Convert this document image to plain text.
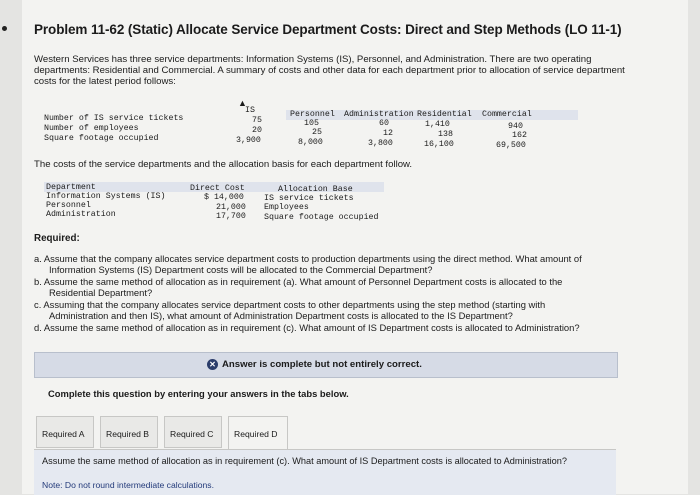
Problem 11-62 (Static) Allocate Service Department Costs: Direct and Step Methods (LO 11-1)
Western Services has three service departments: Information Systems (IS), Personnel, and Administration. There are two operating departments: Residential and Commercial. A summary of costs and other data for each department prior to allocation of service department costs for the latest period follows:
▲
IS	Personnel Administration Residential Commercial
Number of IS service tickets	75	105	60	1,410	940
Number of employees	20	25	12	138	162
Square footage occupied	3,900	8,000	3,800	16,100	69,500
The costs of the service departments and the allocation basis for each department follow.
Department	Direct Cost	Allocation Base
Information Systems (IS)	$ 14,000 IS service tickets
Personnel	21,000 Employees
Administration	17,700 Square footage occupied
Required:
a. Assume that the company allocates service department costs to production departments using the direct method. What amount of
Information Systems (IS) Department costs will be allocated to the Commercial Department?
b. Assume the same method of allocation as in requirement (a). What amount of Personnel Department costs is allocated to the
Residential Department?
c. Assuming that the company allocates service department costs to other departments using the step method (starting with
Administration and then IS), what amount of Administration Department costs is allocated to the IS Department?
d. Assume the same method of allocation as in requirement (c). What amount of IS Department costs is allocated to Administration?
✕ Answer is complete but not entirely correct.
Complete this question by entering your answers in the tabs below.
Required A	Required B	Required C	Required D
Assume the same method of allocation as in requirement (c). What amount of IS Department costs is allocated to Administration?
Note: Do not round intermediate calculations.
